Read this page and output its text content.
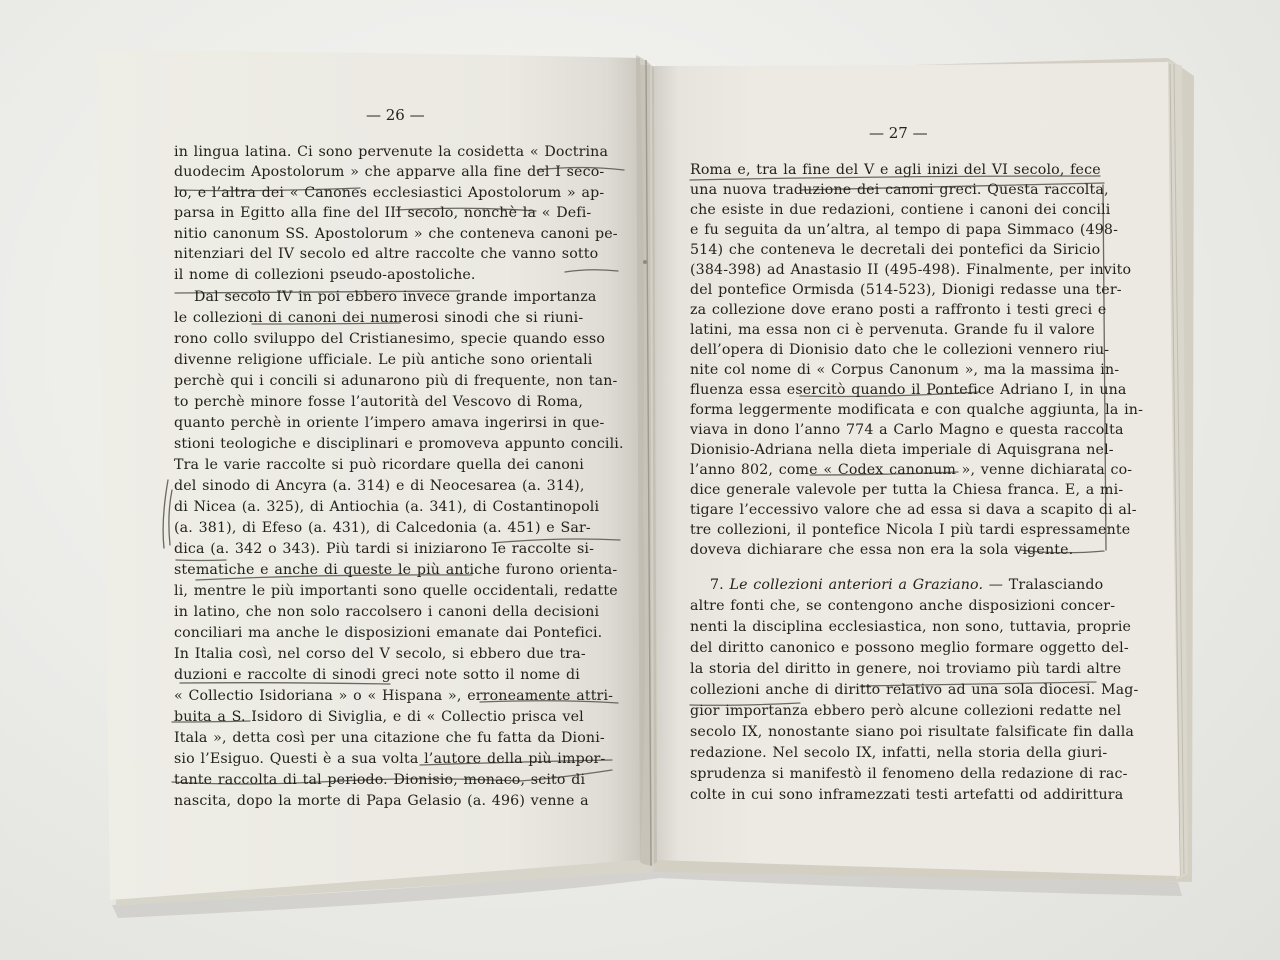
— 26 —

in lingua latina. Ci sono pervenute la cosidetta « Doctrina

duodecim Apostolorum » che apparve alla fine del I seco-

lo, e l’altra dei « Canones ecclesiastici Apostolorum » ap-

parsa in Egitto alla fine del III secolo, nonchè la « Defi-

nitio canonum SS. Apostolorum » che conteneva canoni pe-

nitenziari del IV secolo ed altre raccolte che vanno sotto

il nome di collezioni pseudo-apostoliche.

Dal secolo IV in poi ebbero invece grande importanza

le collezioni di canoni dei numerosi sinodi che si riuni-

rono collo sviluppo del Cristianesimo, specie quando esso

divenne religione ufficiale. Le più antiche sono orientali

perchè qui i concili si adunarono più di frequente, non tan-

to perchè minore fosse l’autorità del Vescovo di Roma,

quanto perchè in oriente l’impero amava ingerirsi in que-

stioni teologiche e disciplinari e promoveva appunto concili.

Tra le varie raccolte si può ricordare quella dei canoni

del sinodo di Ancyra (a. 314) e di Neocesarea (a. 314),

di Nicea (a. 325), di Antiochia (a. 341), di Costantinopoli

(a. 381), di Efeso (a. 431), di Calcedonia (a. 451) e Sar-

dica (a. 342 o 343). Più tardi si iniziarono le raccolte si-

stematiche e anche di queste le più antiche furono orienta-

li, mentre le più importanti sono quelle occidentali, redatte

in latino, che non solo raccolsero i canoni della decisioni

conciliari ma anche le disposizioni emanate dai Pontefici.

In Italia così, nel corso del V secolo, si ebbero due tra-

duzioni e raccolte di sinodi greci note sotto il nome di

« Collectio Isidoriana » o « Hispana », erroneamente attri-

buita a S. Isidoro di Siviglia, e di « Collectio prisca vel

Itala », detta così per una citazione che fu fatta da Dioni-

sio l’Esiguo. Questi è a sua volta l’autore della più impor-

tante raccolta di tal periodo. Dionisio, monaco, scito di

nascita, dopo la morte di Papa Gelasio (a. 496) venne a

— 27 —

Roma e, tra la fine del V e agli inizi del VI secolo, fece

una nuova traduzione dei canoni greci. Questa raccolta,

che esiste in due redazioni, contiene i canoni dei concili

e fu seguita da un’altra, al tempo di papa Simmaco (498-

514) che conteneva le decretali dei pontefici da Siricio

(384-398) ad Anastasio II (495-498). Finalmente, per invito

del pontefice Ormisda (514-523), Dionigi redasse una ter-

za collezione dove erano posti a raffronto i testi greci e

latini, ma essa non ci è pervenuta. Grande fu il valore

dell’opera di Dionisio dato che le collezioni vennero riu-

nite col nome di « Corpus Canonum », ma la massima in-

fluenza essa esercitò quando il Pontefice Adriano I, in una

forma leggermente modificata e con qualche aggiunta, la in-

viava in dono l’anno 774 a Carlo Magno e questa raccolta

Dionisio-Adriana nella dieta imperiale di Aquisgrana nel-

l’anno 802, come « Codex canonum », venne dichiarata co-

dice generale valevole per tutta la Chiesa franca. E, a mi-

tigare l’eccessivo valore che ad essa si dava a scapito di al-

tre collezioni, il pontefice Nicola I più tardi espressamente

doveva dichiarare che essa non era la sola vigente.

7. Le collezioni anteriori a Graziano. — Tralasciando

altre fonti che, se contengono anche disposizioni concer-

nenti la disciplina ecclesiastica, non sono, tuttavia, proprie

del diritto canonico e possono meglio formare oggetto del-

la storia del diritto in genere, noi troviamo più tardi altre

collezioni anche di diritto relativo ad una sola diocesi. Mag-

gior importanza ebbero però alcune collezioni redatte nel

secolo IX, nonostante siano poi risultate falsificate fin dalla

redazione. Nel secolo IX, infatti, nella storia della giuri-

sprudenza si manifestò il fenomeno della redazione di rac-

colte in cui sono inframezzati testi artefatti od addirittura
